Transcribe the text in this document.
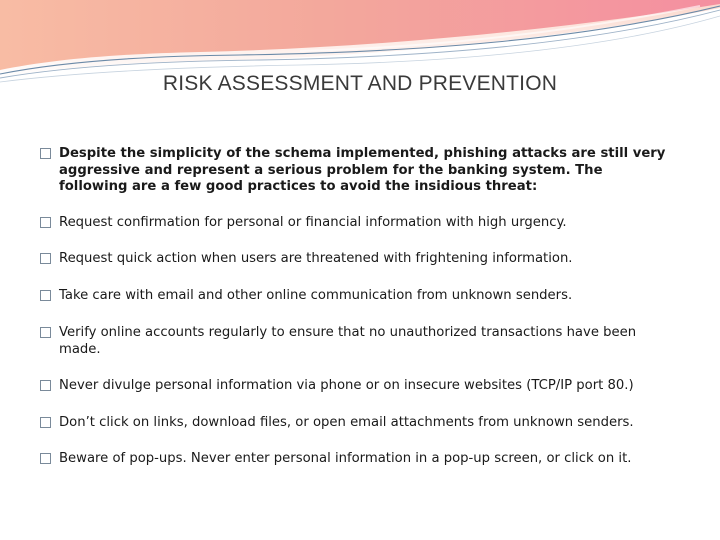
RISK ASSESSMENT AND PREVENTION
Despite the simplicity of the schema implemented, phishing attacks are still very aggressive and represent a serious problem for the banking system. The following are a few good practices to avoid the insidious threat:
Request confirmation for personal or financial information with high urgency.
Request quick action when users are threatened with frightening information.
Take care with email and other online communication from unknown senders.
Verify online accounts regularly to ensure that no unauthorized transactions have been made.
Never divulge personal information via phone or on insecure websites (TCP/IP port 80.)
Don’t click on links, download files, or open email attachments from unknown senders.
Beware of pop-ups. Never enter personal information in a pop-up screen, or click on it.
